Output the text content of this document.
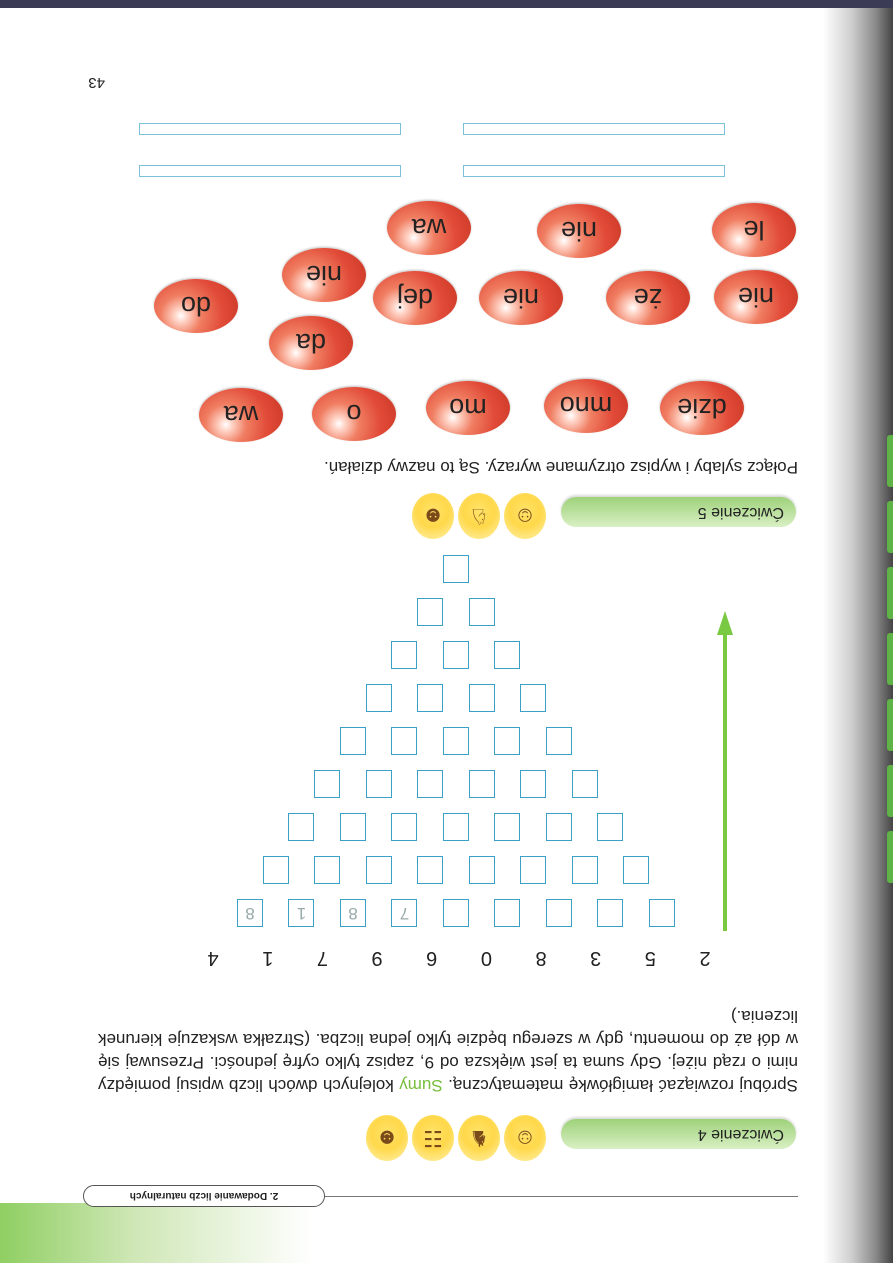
2. Dodawanie liczb naturalnych
Ćwiczenie 4
☺
♞
☷
☻
Spróbuj rozwiązać łamigłówkę matematyczną. Sumy kolejnych dwóch liczb wpisuj pomiędzy nimi o rząd niżej. Gdy suma ta jest większa od 9, zapisz tylko cyfrę jedności. Przesuwaj się w dół aż do momentu, gdy w szeregu będzie tylko jedna liczba. (Strzałka wskazuje kierunek liczenia.)
2
5
3
8
0
6
9
7
1
4
7
8
1
8
Ćwiczenie 5
☺
♘
☻
Połącz sylaby i wypisz otrzymane wyrazy. Są to nazwy działań.
wa	o	mo	mno	dzie
do
da
dej	nie	że	nie
nie
wa	nie	le
43
